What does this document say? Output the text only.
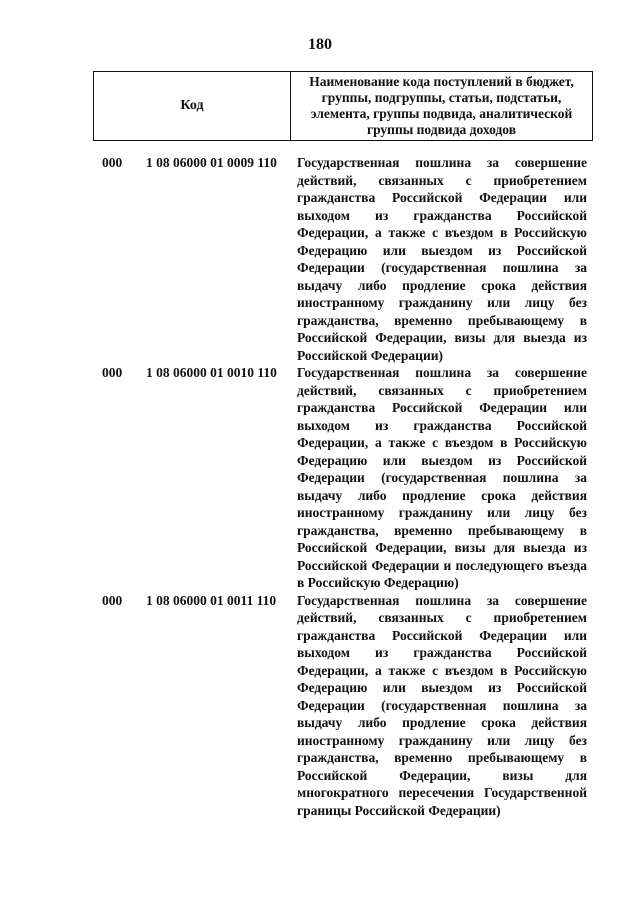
180
Код
Наименование кода поступлений в бюджет, группы, подгруппы, статьи, подстатьи, элемента, группы подвида, аналитической группы подвида доходов
000 1 08 06000 01 0009 110 Государственная пошлина за совершение действий, связанных с приобретением гражданства Российской Федерации или выходом из гражданства Российской Федерации, а также с въездом в Российскую Федерацию или выездом из Российской Федерации (государственная пошлина за выдачу либо продление срока действия иностранному гражданину или лицу без гражданства, временно пребывающему в Российской Федерации, визы для выезда из Российской Федерации)
000 1 08 06000 01 0010 110 Государственная пошлина за совершение действий, связанных с приобретением гражданства Российской Федерации или выходом из гражданства Российской Федерации, а также с въездом в Российскую Федерацию или выездом из Российской Федерации (государственная пошлина за выдачу либо продление срока действия иностранному гражданину или лицу без гражданства, временно пребывающему в Российской Федерации, визы для выезда из Российской Федерации и последующего въезда в Российскую Федерацию)
000 1 08 06000 01 0011 110 Государственная пошлина за совершение действий, связанных с приобретением гражданства Российской Федерации или выходом из гражданства Российской Федерации, а также с въездом в Российскую Федерацию или выездом из Российской Федерации (государственная пошлина за выдачу либо продление срока действия иностранному гражданину или лицу без гражданства, временно пребывающему в Российской Федерации, визы для многократного пересечения Государственной границы Российской Федерации)
